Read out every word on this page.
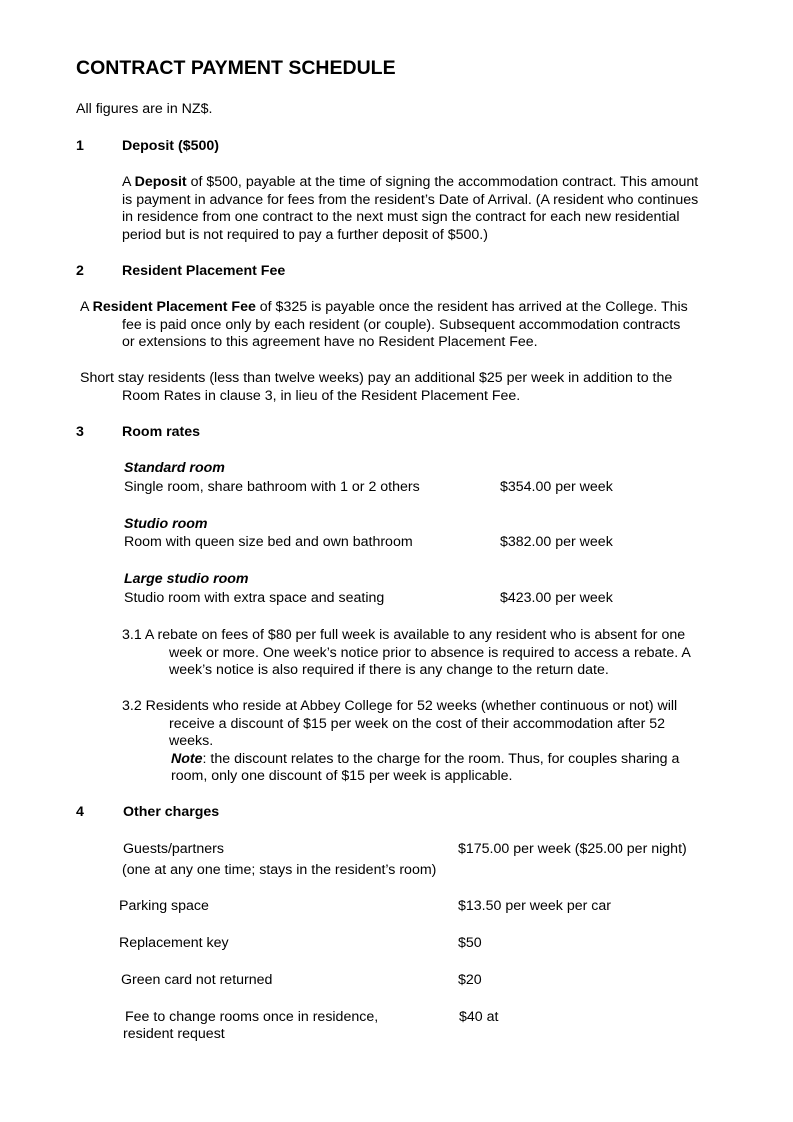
CONTRACT PAYMENT SCHEDULE
All figures are in NZ$.
1	Deposit ($500)
A Deposit of $500, payable at the time of signing the accommodation contract. This amount
is payment in advance for fees from the resident’s Date of Arrival. (A resident who continues
in residence from one contract to the next must sign the contract for each new residential
period but is not required to pay a further deposit of $500.)
2	Resident Placement Fee
A Resident Placement Fee of $325 is payable once the resident has arrived at the College. This
fee is paid once only by each resident (or couple). Subsequent accommodation contracts
or extensions to this agreement have no Resident Placement Fee.
Short stay residents (less than twelve weeks) pay an additional $25 per week in addition to the
Room Rates in clause 3, in lieu of the Resident Placement Fee.
3	Room rates
Standard room
Single room, share bathroom with 1 or 2 others	$354.00 per week
Studio room
Room with queen size bed and own bathroom	$382.00 per week
Large studio room
Studio room with extra space and seating	$423.00 per week
3.1 A rebate on fees of $80 per full week is available to any resident who is absent for one
week or more. One week’s notice prior to absence is required to access a rebate. A
week’s notice is also required if there is any change to the return date.
3.2 Residents who reside at Abbey College for 52 weeks (whether continuous or not) will
receive a discount of $15 per week on the cost of their accommodation after 52
weeks.
Note: the discount relates to the charge for the room. Thus, for couples sharing a
room, only one discount of $15 per week is applicable.
4	Other charges
Guests/partners	$175.00 per week ($25.00 per night)
(one at any one time; stays in the resident’s room)
Parking space	$13.50 per week per car
Replacement key	$50
Green card not returned	$20
Fee to change rooms once in residence,	$40 at
resident request
